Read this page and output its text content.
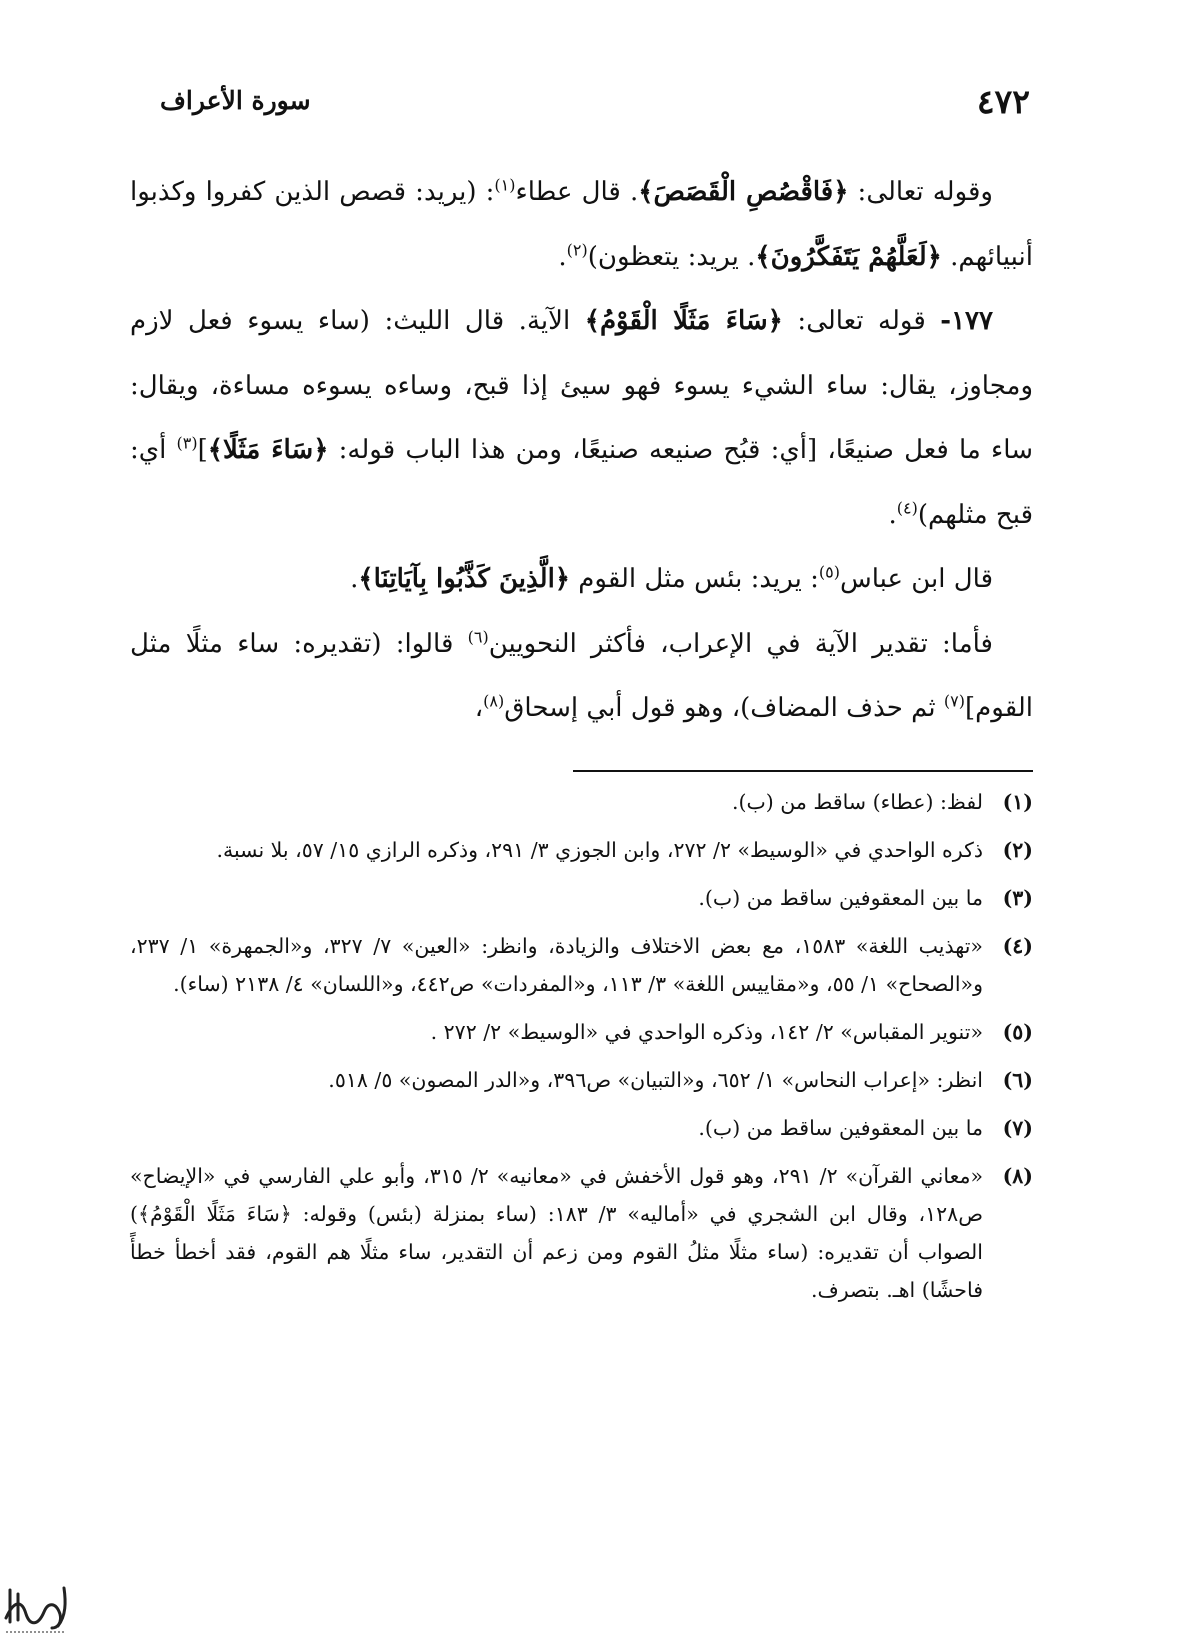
٤٧٢
سورة الأعراف

وقوله تعالى: ﴿فَاقْصُصِ الْقَصَصَ﴾. قال عطاء$^{(١)}$: (يريد: قصص الذين كفروا وكذبوا أنبيائهم. ﴿لَعَلَّهُمْ يَتَفَكَّرُونَ﴾. يريد: يتعظون)$^{(٢)}$.

١٧٧- قوله تعالى: ﴿سَاءَ مَثَلًا الْقَوْمُ﴾ الآية. قال الليث: (ساء يسوء فعل لازم ومجاوز، يقال: ساء الشيء يسوء فهو سيئ إذا قبح، وساءه يسوءه مساءة، ويقال: ساء ما فعل صنيعًا، [أي: قبُح صنيعه صنيعًا، ومن هذا الباب قوله: ﴿سَاءَ مَثَلًا﴾]$^{(٣)}$ أي: قبح مثلهم)$^{(٤)}$.

قال ابن عباس$^{(٥)}$: يريد: بئس مثل القوم ﴿الَّذِينَ كَذَّبُوا بِآيَاتِنَا﴾.

فأما: تقدير الآية في الإعراب، فأكثر النحويين$^{(٦)}$ قالوا: (تقديره: ساء مثلًا مثل القوم]$^{(٧)}$ ثم حذف المضاف)، وهو قول أبي إسحاق$^{(٨)}$،

(١)
لفظ: (عطاء) ساقط من (ب).
(٢)
ذكره الواحدي في «الوسيط» ٢/ ٢٧٢، وابن الجوزي ٣/ ٢٩١، وذكره الرازي ١٥/ ٥٧، بلا نسبة.
(٣)
ما بين المعقوفين ساقط من (ب).
(٤)
«تهذيب اللغة» ١٥٨٣، مع بعض الاختلاف والزيادة، وانظر: «العين» ٧/ ٣٢٧، و«الجمهرة» ١/ ٢٣٧، و«الصحاح» ١/ ٥٥، و«مقاييس اللغة» ٣/ ١١٣، و«المفردات» ص٤٤٢، و«اللسان» ٤/ ٢١٣٨ (ساء).
(٥)
«تنوير المقباس» ٢/ ١٤٢، وذكره الواحدي في «الوسيط» ٢/ ٢٧٢ .
(٦)
انظر: «إعراب النحاس» ١/ ٦٥٢، و«التبيان» ص٣٩٦، و«الدر المصون» ٥/ ٥١٨.
(٧)
ما بين المعقوفين ساقط من (ب).
(٨)
«معاني القرآن» ٢/ ٢٩١، وهو قول الأخفش في «معانيه» ٢/ ٣١٥، وأبو علي الفارسي في «الإيضاح» ص١٢٨، وقال ابن الشجري في «أماليه» ٣/ ١٨٣: (ساء بمنزلة (بئس) وقوله: ﴿سَاءَ مَثَلًا الْقَوْمُ﴾) الصواب أن تقديره: (ساء مثلًا مثلُ القوم ومن زعم أن التقدير، ساء مثلًا هم القوم، فقد أخطأ خطأً فاحشًا) اهـ. بتصرف.
